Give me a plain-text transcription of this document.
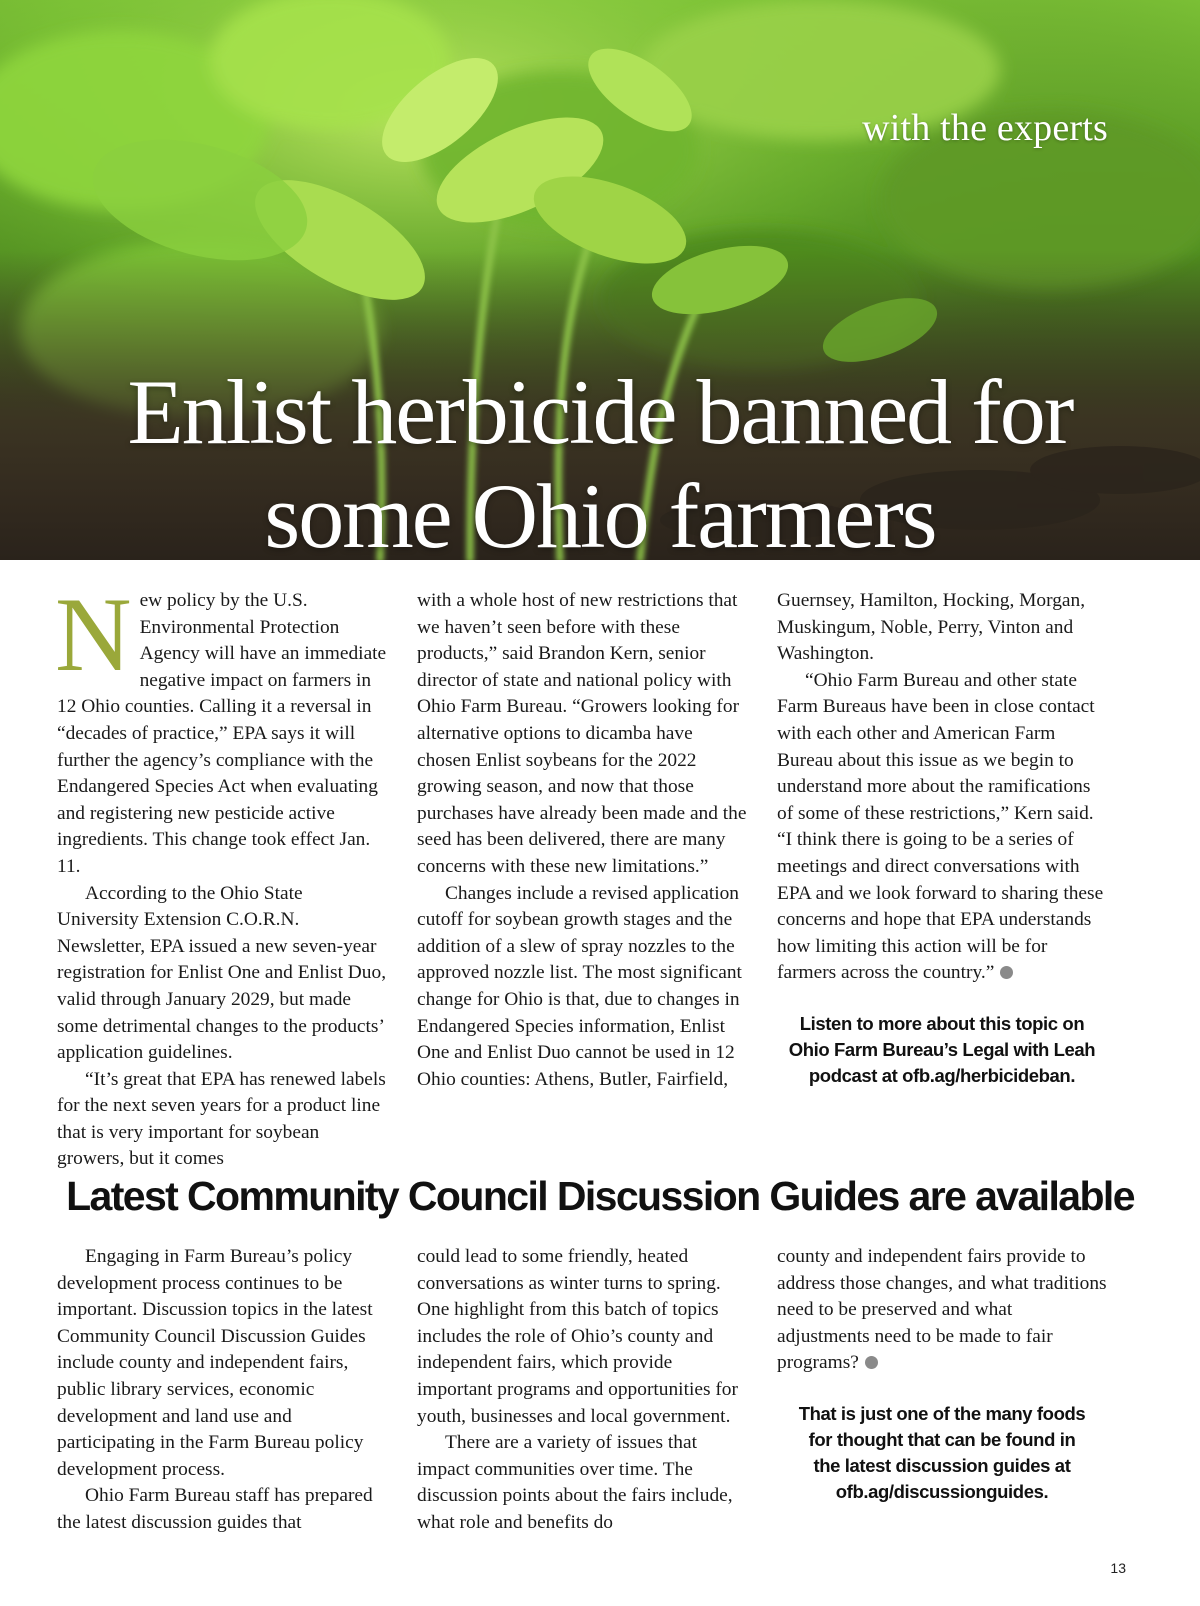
with the experts
Enlist herbicide banned for
some Ohio farmers

New policy by the U.S. Environmental Protection Agency will have an immediate negative impact on farmers in 12 Ohio counties. Calling it a reversal in “decades of practice,” EPA says it will further the agency’s compliance with the Endangered Species Act when evaluating and registering new pesticide active ingredients. This change took effect Jan. 11.

According to the Ohio State University Extension C.O.R.N. Newsletter, EPA issued a new seven-year registration for Enlist One and Enlist Duo, valid through January 2029, but made some detrimental changes to the products’ application guidelines.

“It’s great that EPA has renewed labels for the next seven years for a product line that is very important for soybean growers, but it comes

with a whole host of new restrictions that we haven’t seen before with these products,” said Brandon Kern, senior director of state and national policy with Ohio Farm Bureau. “Growers looking for alternative options to dicamba have chosen Enlist soybeans for the 2022 growing season, and now that those purchases have already been made and the seed has been delivered, there are many concerns with these new limitations.”

Changes include a revised application cutoff for soybean growth stages and the addition of a slew of spray nozzles to the approved nozzle list. The most significant change for Ohio is that, due to changes in Endangered Species information, Enlist One and Enlist Duo cannot be used in 12 Ohio counties: Athens, Butler, Fairfield,

Guernsey, Hamilton, Hocking, Morgan, Muskingum, Noble, Perry, Vinton and Washington.

“Ohio Farm Bureau and other state Farm Bureaus have been in close contact with each other and American Farm Bureau about this issue as we begin to understand more about the ramifications of some of these restrictions,” Kern said. “I think there is going to be a series of meetings and direct conversations with EPA and we look forward to sharing these concerns and hope that EPA understands how limiting this action will be for farmers across the country.”

Listen to more about this topic on
Ohio Farm Bureau’s Legal with Leah
podcast at ofb.ag/herbicideban.
Latest Community Council Discussion Guides are available

Engaging in Farm Bureau’s policy development process continues to be important. Discussion topics in the latest Community Council Discussion Guides include county and independent fairs, public library services, economic development and land use and participating in the Farm Bureau policy development process.

Ohio Farm Bureau staff has prepared the latest discussion guides that

could lead to some friendly, heated conversations as winter turns to spring. One highlight from this batch of topics includes the role of Ohio’s county and independent fairs, which provide important programs and opportunities for youth, businesses and local government.

There are a variety of issues that impact communities over time. The discussion points about the fairs include, what role and benefits do

county and independent fairs provide to address those changes, and what traditions need to be preserved and what adjustments need to be made to fair programs?

That is just one of the many foods
for thought that can be found in
the latest discussion guides at
ofb.ag/discussionguides.
13
